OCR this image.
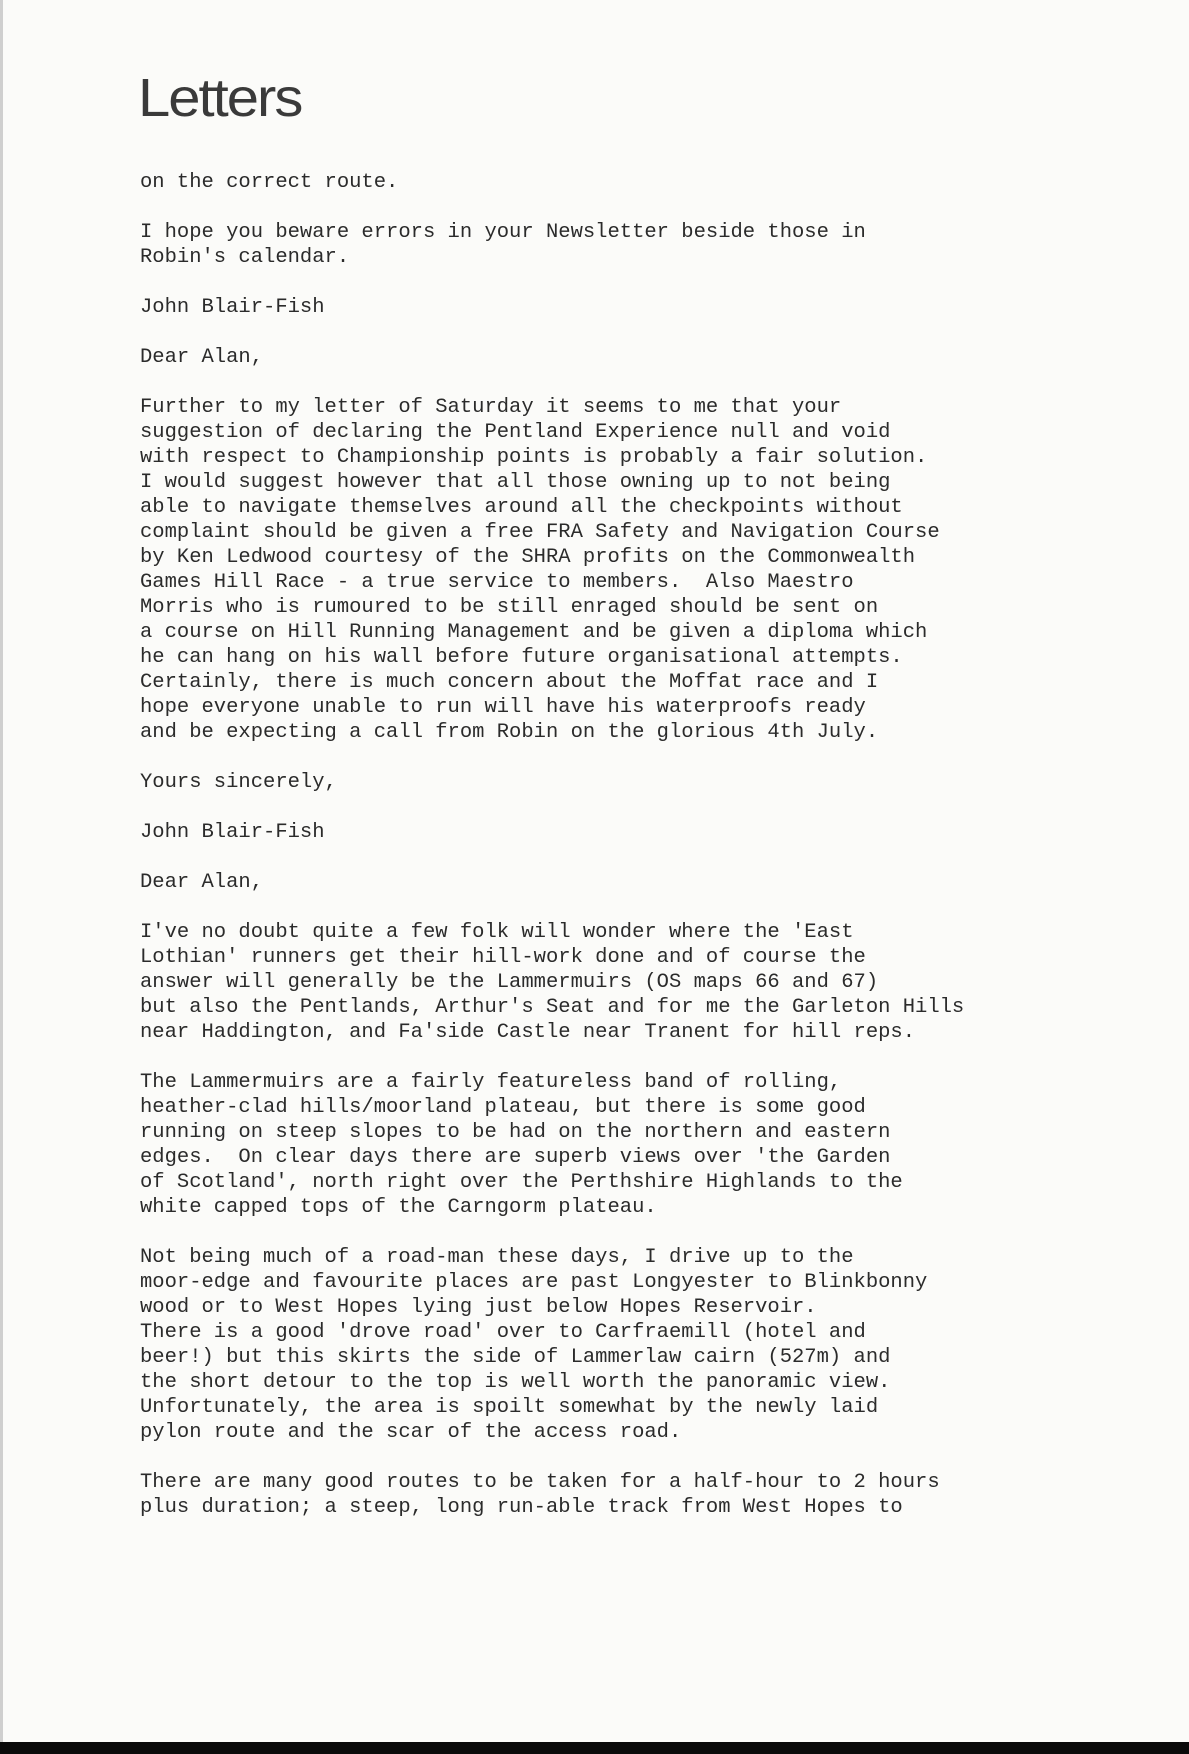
Letters
on the correct route.
I hope you beware errors in your Newsletter beside those in
Robin's calendar.
John Blair-Fish
Dear Alan,
Further to my letter of Saturday it seems to me that your
suggestion of declaring the Pentland Experience null and void
with respect to Championship points is probably a fair solution.
I would suggest however that all those owning up to not being
able to navigate themselves around all the checkpoints without
complaint should be given a free FRA Safety and Navigation Course
by Ken Ledwood courtesy of the SHRA profits on the Commonwealth
Games Hill Race - a true service to members.  Also Maestro
Morris who is rumoured to be still enraged should be sent on
a course on Hill Running Management and be given a diploma which
he can hang on his wall before future organisational attempts.
Certainly, there is much concern about the Moffat race and I
hope everyone unable to run will have his waterproofs ready
and be expecting a call from Robin on the glorious 4th July.
Yours sincerely,
John Blair-Fish
Dear Alan,
I've no doubt quite a few folk will wonder where the 'East
Lothian' runners get their hill-work done and of course the
answer will generally be the Lammermuirs (OS maps 66 and 67)
but also the Pentlands, Arthur's Seat and for me the Garleton Hills
near Haddington, and Fa'side Castle near Tranent for hill reps.
The Lammermuirs are a fairly featureless band of rolling,
heather-clad hills/moorland plateau, but there is some good
running on steep slopes to be had on the northern and eastern
edges.  On clear days there are superb views over 'the Garden
of Scotland', north right over the Perthshire Highlands to the
white capped tops of the Carngorm plateau.
Not being much of a road-man these days, I drive up to the
moor-edge and favourite places are past Longyester to Blinkbonny
wood or to West Hopes lying just below Hopes Reservoir.
There is a good 'drove road' over to Carfraemill (hotel and
beer!) but this skirts the side of Lammerlaw cairn (527m) and
the short detour to the top is well worth the panoramic view.
Unfortunately, the area is spoilt somewhat by the newly laid
pylon route and the scar of the access road.
There are many good routes to be taken for a half-hour to 2 hours
plus duration; a steep, long run-able track from West Hopes to
